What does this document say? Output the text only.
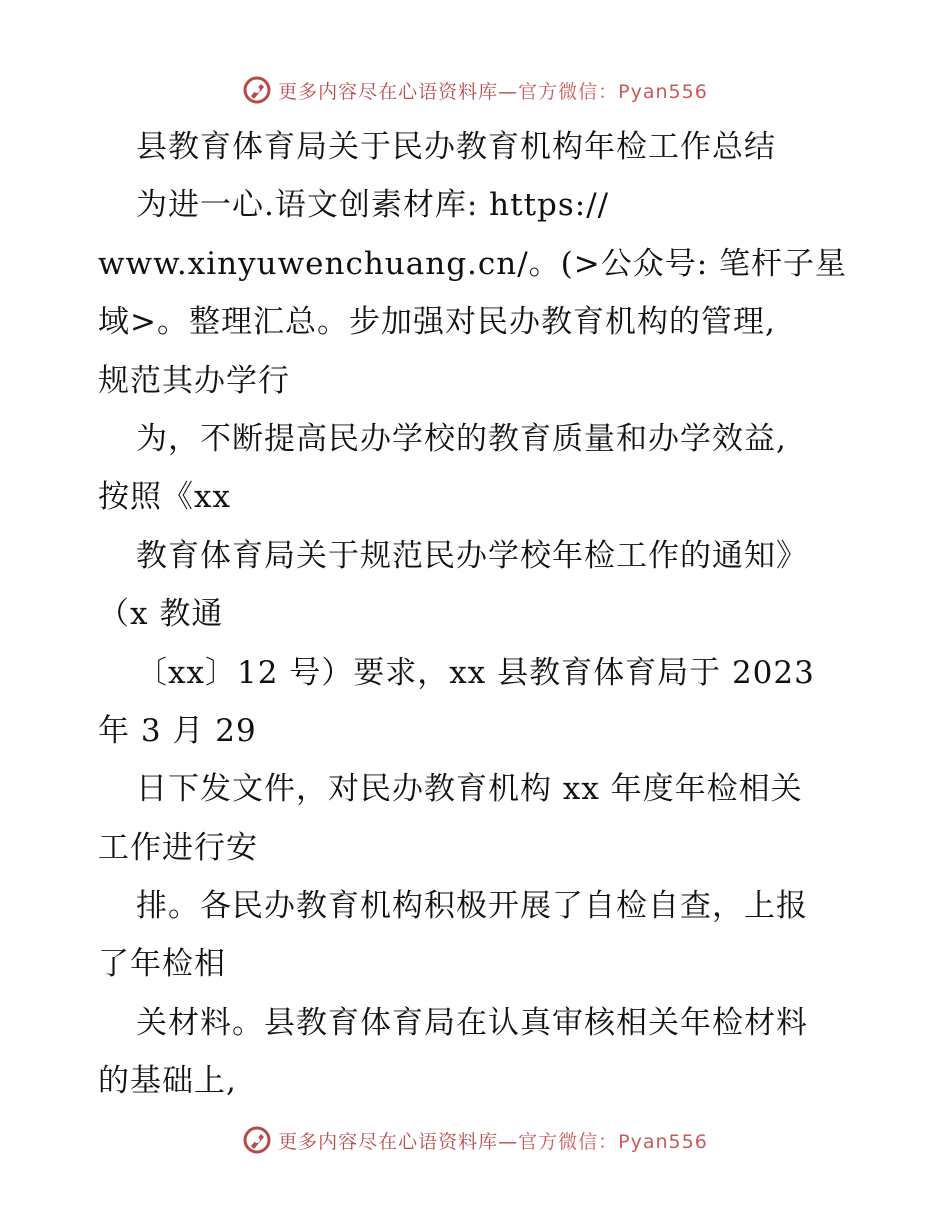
更多内容尽在心语资料库—官方微信：Pyan556
县教育体育局关于民办教育机构年检工作总结
为进一心.语文创素材库: https://
www.xinyuwenchuang.cn/。(>公众号: 笔杆子星
域>。整理汇总。步加强对民办教育机构的管理,
规范其办学行
为，不断提高民办学校的教育质量和办学效益,
按照《xx
教育体育局关于规范民办学校年检工作的通知》
（x 教通
〔xx〕12 号）要求，xx 县教育体育局于 2023
年 3 月 29
日下发文件，对民办教育机构 xx 年度年检相关
工作进行安
排。各民办教育机构积极开展了自检自查，上报
了年检相
关材料。县教育体育局在认真审核相关年检材料
的基础上,
更多内容尽在心语资料库—官方微信：Pyan556
